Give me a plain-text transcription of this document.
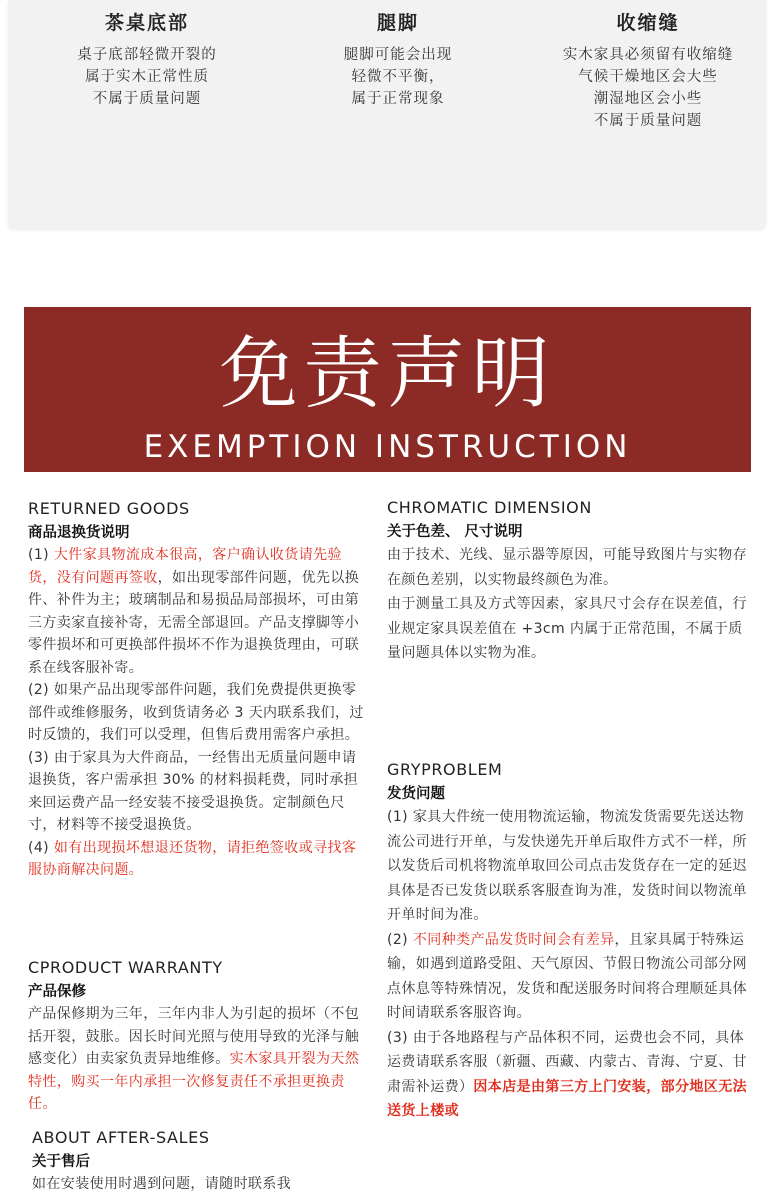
茶桌底部
桌子底部轻微开裂的
属于实木正常性质
不属于质量问题
腿脚
腿脚可能会出现
轻微不平衡，
属于正常现象
收缩缝
实木家具必须留有收缩缝
气候干燥地区会大些
潮湿地区会小些
不属于质量问题
免责声明
EXEMPTION INSTRUCTION
RETURNED GOODS
商品退换货说明

(1) 大件家具物流成本很高，客户确认收货请先验货，没有问题再签收，如出现零部件问题，优先以换件、补件为主；玻璃制品和易损品局部损坏，可由第三方卖家直接补寄，无需全部退回。产品支撑脚等小零件损坏和可更换部件损坏不作为退换货理由，可联系在线客服补寄。

(2) 如果产品出现零部件问题，我们免费提供更换零部件或维修服务，收到货请务必 3 天内联系我们，过时反馈的，我们可以受理，但售后费用需客户承担。

(3) 由于家具为大件商品，一经售出无质量问题申请退换货，客户需承担 30% 的材料损耗费，同时承担来回运费产品一经安装不接受退换货。定制颜色尺寸，材料等不接受退换货。

(4) 如有出现损坏想退还货物，请拒绝签收或寻找客服协商解决问题。

CPRODUCT WARRANTY
产品保修

产品保修期为三年，三年内非人为引起的损坏（不包括开裂，鼓胀。因长时间光照与使用导致的光泽与触感变化）由卖家负责异地维修。实木家具开裂为天然特性，购买一年内承担一次修复责任不承担更换责任。

ABOUT AFTER-SALES
关于售后

如在安装使用时遇到问题，请随时联系我

CHROMATIC DIMENSION
关于色差、 尺寸说明

由于技术、光线、显示器等原因，可能导致图片与实物存在颜色差别，以实物最终颜色为准。

由于测量工具及方式等因素，家具尺寸会存在误差值，行业规定家具误差值在 +3cm 内属于正常范围，不属于质量问题具体以实物为准。

GRYPROBLEM
发货问题

(1) 家具大件统一使用物流运输，物流发货需要先送达物流公司进行开单，与发快递先开单后取件方式不一样，所以发货后司机将物流单取回公司点击发货存在一定的延迟具体是否已发货以联系客服查询为准，发货时间以物流单开单时间为准。

(2) 不同种类产品发货时间会有差异，且家具属于特殊运输，如遇到道路受阻、天气原因、节假日物流公司部分网点休息等特殊情况，发货和配送服务时间将合理顺延具体时间请联系客服咨询。

(3) 由于各地路程与产品体积不同，运费也会不同，具体运费请联系客服（新疆、西藏、内蒙古、青海、宁夏、甘肃需补运费）因本店是由第三方上门安装，部分地区无法送货上楼或
